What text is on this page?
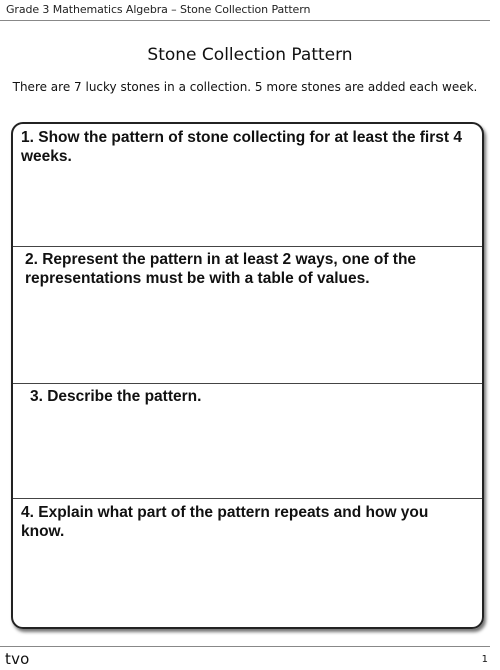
Grade 3 Mathematics Algebra – Stone Collection Pattern
Stone Collection Pattern
There are 7 lucky stones in a collection. 5 more stones are added each week.

1. Show the pattern of stone collecting for at least the first 4 weeks.

2. Represent the pattern in at least 2 ways, one of the representations must be with a table of values.

3. Describe the pattern.

4. Explain what part of the pattern repeats and how you know.

tvo	1
